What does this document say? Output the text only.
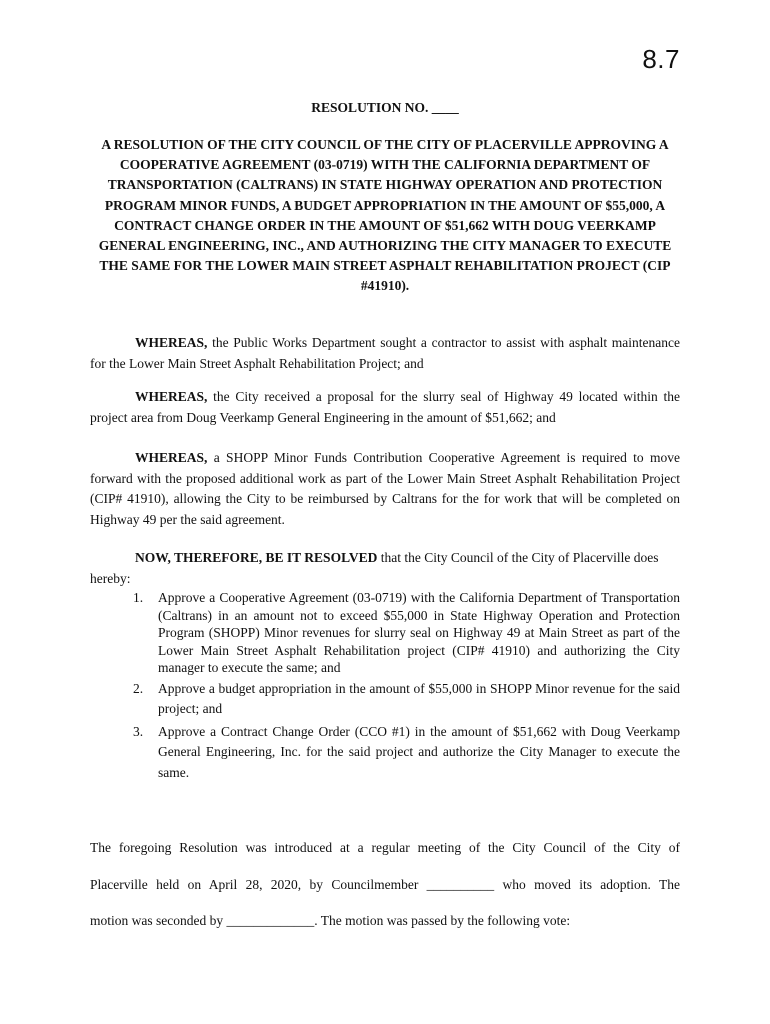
8.7
RESOLUTION NO. ____
A RESOLUTION OF THE CITY COUNCIL OF THE CITY OF PLACERVILLE APPROVING A COOPERATIVE AGREEMENT (03-0719) WITH THE CALIFORNIA DEPARTMENT OF TRANSPORTATION (CALTRANS) IN STATE HIGHWAY OPERATION AND PROTECTION PROGRAM MINOR FUNDS, A BUDGET APPROPRIATION IN THE AMOUNT OF $55,000, A CONTRACT CHANGE ORDER IN THE AMOUNT OF $51,662 WITH DOUG VEERKAMP GENERAL ENGINEERING, INC., AND AUTHORIZING THE CITY MANAGER TO EXECUTE THE SAME FOR THE LOWER MAIN STREET ASPHALT REHABILITATION PROJECT (CIP #41910).
WHEREAS, the Public Works Department sought a contractor to assist with asphalt maintenance for the Lower Main Street Asphalt Rehabilitation Project; and
WHEREAS, the City received a proposal for the slurry seal of Highway 49 located within the project area from Doug Veerkamp General Engineering in the amount of $51,662; and
WHEREAS, a SHOPP Minor Funds Contribution Cooperative Agreement is required to move forward with the proposed additional work as part of the Lower Main Street Asphalt Rehabilitation Project (CIP# 41910), allowing the City to be reimbursed by Caltrans for the for work that will be completed on Highway 49 per the said agreement.
NOW, THEREFORE, BE IT RESOLVED that the City Council of the City of Placerville does hereby:
1. Approve a Cooperative Agreement (03-0719) with the California Department of Transportation (Caltrans) in an amount not to exceed $55,000 in State Highway Operation and Protection Program (SHOPP) Minor revenues for slurry seal on Highway 49 at Main Street as part of the Lower Main Street Asphalt Rehabilitation project (CIP# 41910) and authorizing the City manager to execute the same; and
2. Approve a budget appropriation in the amount of $55,000 in SHOPP Minor revenue for the said project; and
3. Approve a Contract Change Order (CCO #1) in the amount of $51,662 with Doug Veerkamp General Engineering, Inc. for the said project and authorize the City Manager to execute the same.
The foregoing Resolution was introduced at a regular meeting of the City Council of the City of
Placerville held on April 28, 2020, by Councilmember __________ who moved its adoption. The
motion was seconded by _____________. The motion was passed by the following vote:
